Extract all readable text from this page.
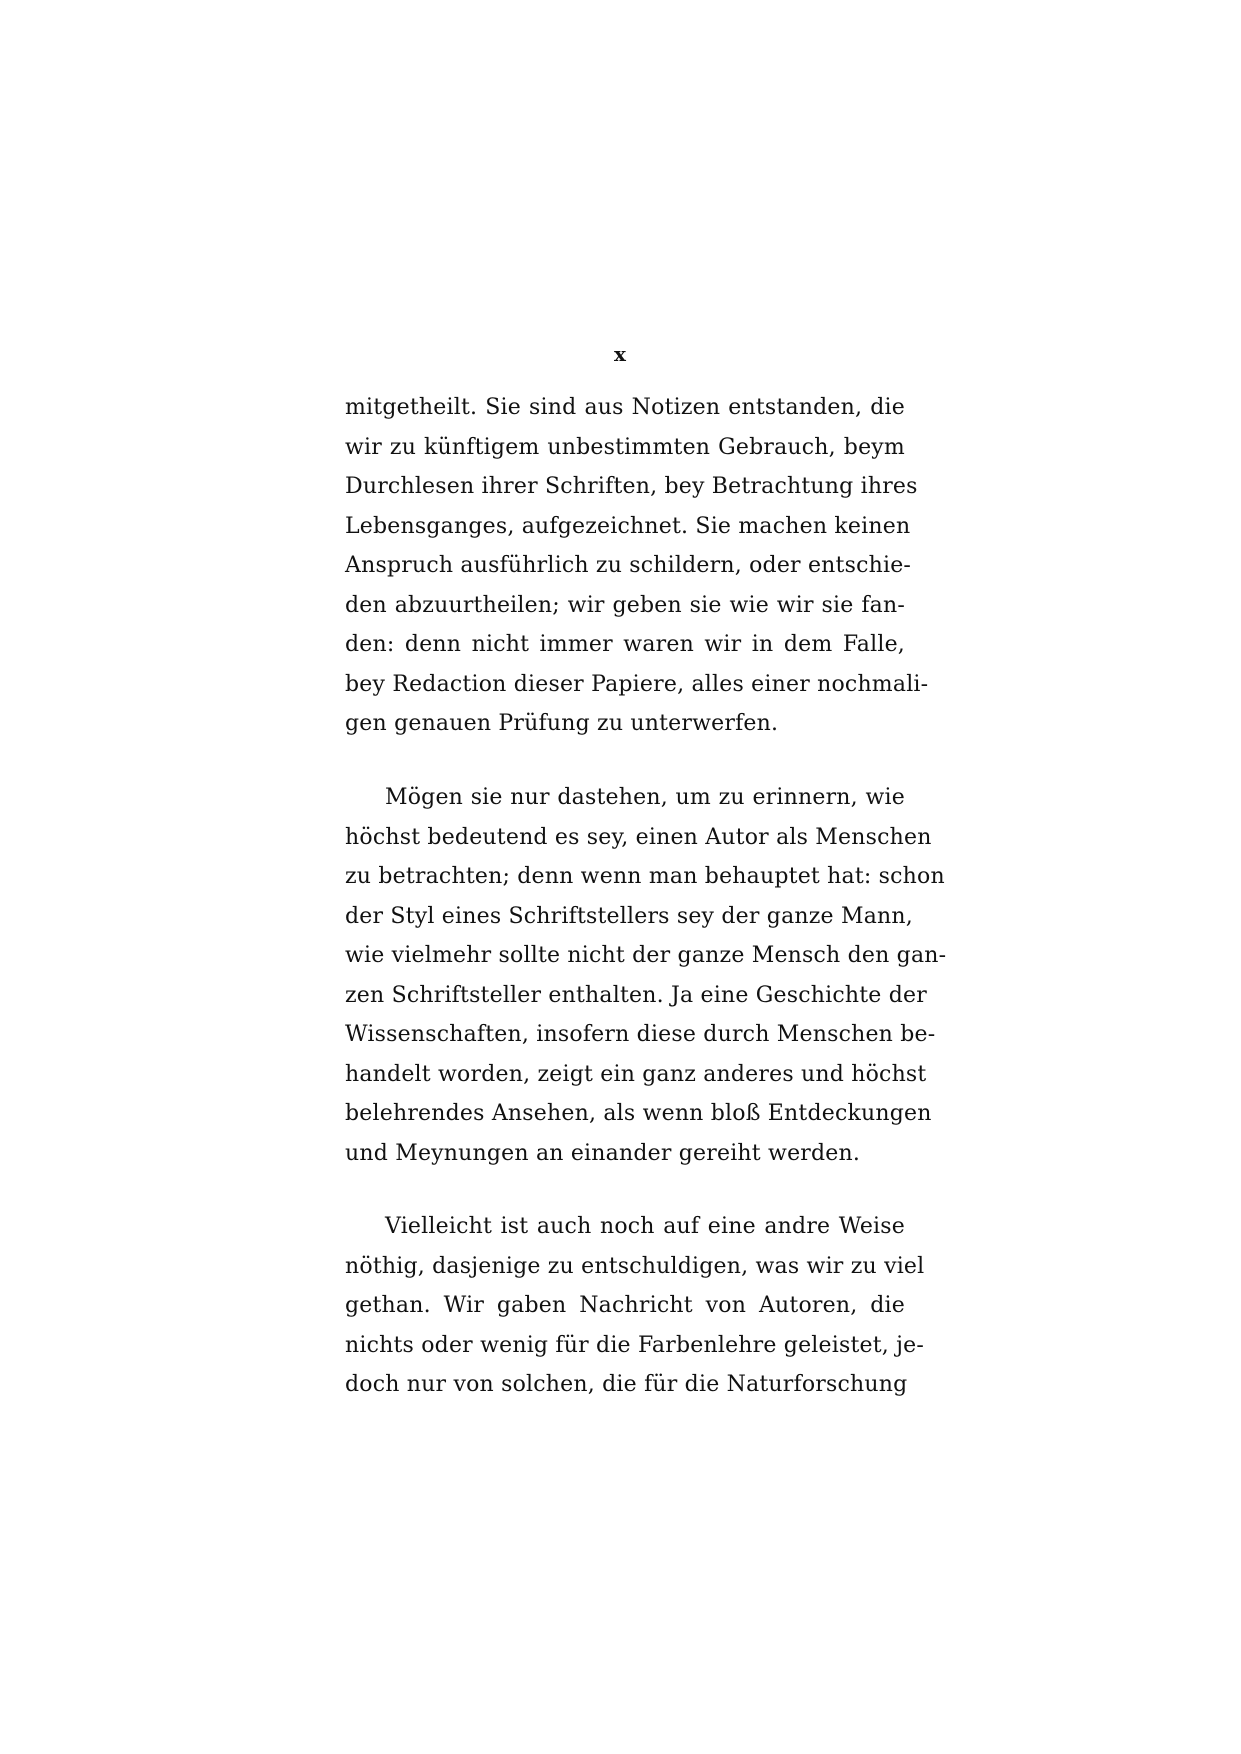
x
mitgetheilt. Sie sind aus Notizen entstanden, die
wir zu künftigem unbestimmten Gebrauch, beym
Durchlesen ihrer Schriften, bey Betrachtung ihres
Lebensganges, aufgezeichnet. Sie machen keinen
Anspruch ausführlich zu schildern, oder entschie-
den abzuurtheilen; wir geben sie wie wir sie fan-
den: denn nicht immer waren wir in dem Falle,
bey Redaction dieser Papiere, alles einer nochmali-
gen genauen Prüfung zu unterwerfen.
Mögen sie nur dastehen, um zu erinnern, wie
höchst bedeutend es sey, einen Autor als Menschen
zu betrachten; denn wenn man behauptet hat: schon
der Styl eines Schriftstellers sey der ganze Mann,
wie vielmehr sollte nicht der ganze Mensch den gan-
zen Schriftsteller enthalten. Ja eine Geschichte der
Wissenschaften, insofern diese durch Menschen be-
handelt worden, zeigt ein ganz anderes und höchst
belehrendes Ansehen, als wenn bloß Entdeckungen
und Meynungen an einander gereiht werden.
Vielleicht ist auch noch auf eine andre Weise
nöthig, dasjenige zu entschuldigen, was wir zu viel
gethan. Wir gaben Nachricht von Autoren, die
nichts oder wenig für die Farbenlehre geleistet, je-
doch nur von solchen, die für die Naturforschung
